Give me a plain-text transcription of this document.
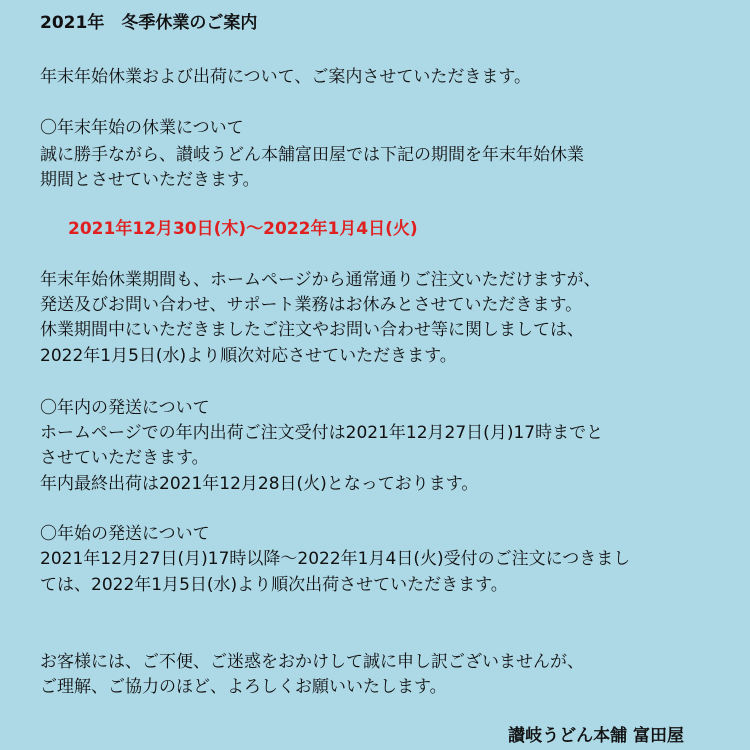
2021年　冬季休業のご案内
年末年始休業および出荷について、ご案内させていただきます。
〇年末年始の休業について
誠に勝手ながら、讃岐うどん本舗富田屋では下記の期間を年末年始休業
期間とさせていただきます。
2021年12月30日(木)～2022年1月4日(火)
年末年始休業期間も、ホームページから通常通りご注文いただけますが、
発送及びお問い合わせ、サポート業務はお休みとさせていただきます。
休業期間中にいただきましたご注文やお問い合わせ等に関しましては、
2022年1月5日(水)より順次対応させていただきます。
〇年内の発送について
ホームページでの年内出荷ご注文受付は2021年12月27日(月)17時までと
させていただきます。
年内最終出荷は2021年12月28日(火)となっております。
〇年始の発送について
2021年12月27日(月)17時以降～2022年1月4日(火)受付のご注文につきまし
ては、2022年1月5日(水)より順次出荷させていただきます。
お客様には、ご不便、ご迷惑をおかけして誠に申し訳ございませんが、
ご理解、ご協力のほど、よろしくお願いいたします。
讃岐うどん本舗 富田屋
